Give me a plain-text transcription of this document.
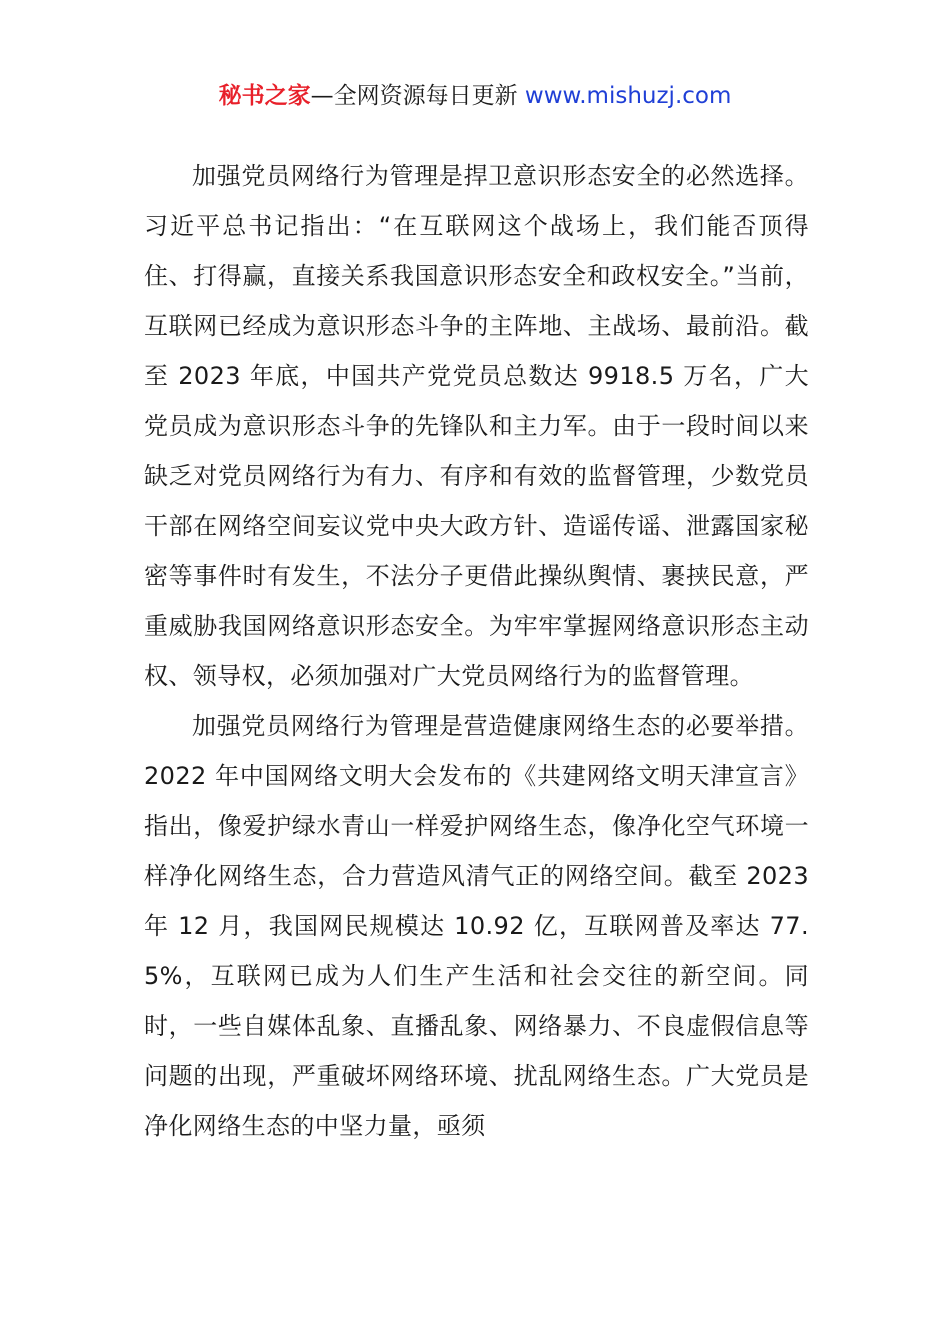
秘书之家—全网资源每日更新 www.mishuzj.com

加强党员网络行为管理是捍卫意识形态安全的必然选择。习近平总书记指出：“在互联网这个战场上，我们能否顶得住、打得赢，直接关系我国意识形态安全和政权安全。”当前，互联网已经成为意识形态斗争的主阵地、主战场、最前沿。截至 2023 年底，中国共产党党员总数达 9918.5 万名，广大党员成为意识形态斗争的先锋队和主力军。由于一段时间以来缺乏对党员网络行为有力、有序和有效的监督管理，少数党员干部在网络空间妄议党中央大政方针、造谣传谣、泄露国家秘密等事件时有发生，不法分子更借此操纵舆情、裹挟民意，严重威胁我国网络意识形态安全。为牢牢掌握网络意识形态主动权、领导权，必须加强对广大党员网络行为的监督管理。

加强党员网络行为管理是营造健康网络生态的必要举措。2022 年中国网络文明大会发布的《共建网络文明天津宣言》指出，像爱护绿水青山一样爱护网络生态，像净化空气环境一样净化网络生态，合力营造风清气正的网络空间。截至 2023 年 12 月，我国网民规模达 10.92 亿，互联网普及率达 77.5%，互联网已成为人们生产生活和社会交往的新空间。同时，一些自媒体乱象、直播乱象、网络暴力、不良虚假信息等问题的出现，严重破坏网络环境、扰乱网络生态。广大党员是净化网络生态的中坚力量，亟须
